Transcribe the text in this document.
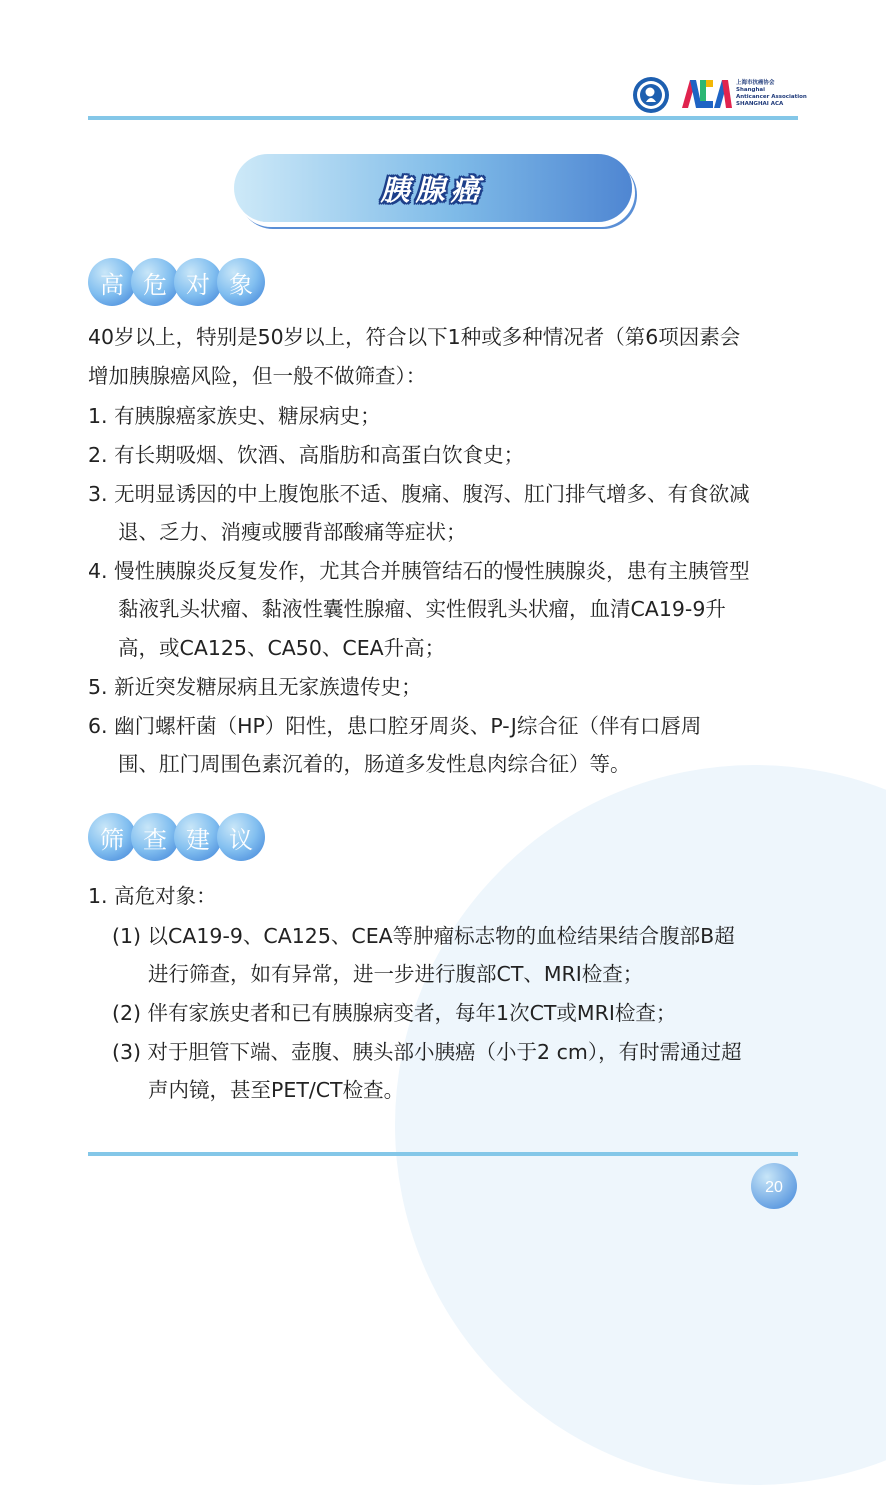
上海市抗癌协会
Shanghai
Anticancer Association
SHANGHAI ACA
胰腺癌
高 危 对 象
40岁以上，特别是50岁以上，符合以下1种或多种情况者（第6项因素会
增加胰腺癌风险，但一般不做筛查）：
1. 有胰腺癌家族史、糖尿病史；
2. 有长期吸烟、饮酒、高脂肪和高蛋白饮食史；
3. 无明显诱因的中上腹饱胀不适、腹痛、腹泻、肛门排气增多、有食欲减
退、乏力、消瘦或腰背部酸痛等症状；
4. 慢性胰腺炎反复发作，尤其合并胰管结石的慢性胰腺炎，患有主胰管型
黏液乳头状瘤、黏液性囊性腺瘤、实性假乳头状瘤，血清CA19-9升
高，或CA125、CA50、CEA升高；
5. 新近突发糖尿病且无家族遗传史；
6. 幽门螺杆菌（HP）阳性，患口腔牙周炎、P-J综合征（伴有口唇周
围、肛门周围色素沉着的，肠道多发性息肉综合征）等。
筛 查 建 议
1. 高危对象：
(1) 以CA19-9、CA125、CEA等肿瘤标志物的血检结果结合腹部B超
进行筛查，如有异常，进一步进行腹部CT、MRI检查；
(2) 伴有家族史者和已有胰腺病变者，每年1次CT或MRI检查；
(3) 对于胆管下端、壶腹、胰头部小胰癌（小于2 cm），有时需通过超
声内镜，甚至PET/CT检查。
20
